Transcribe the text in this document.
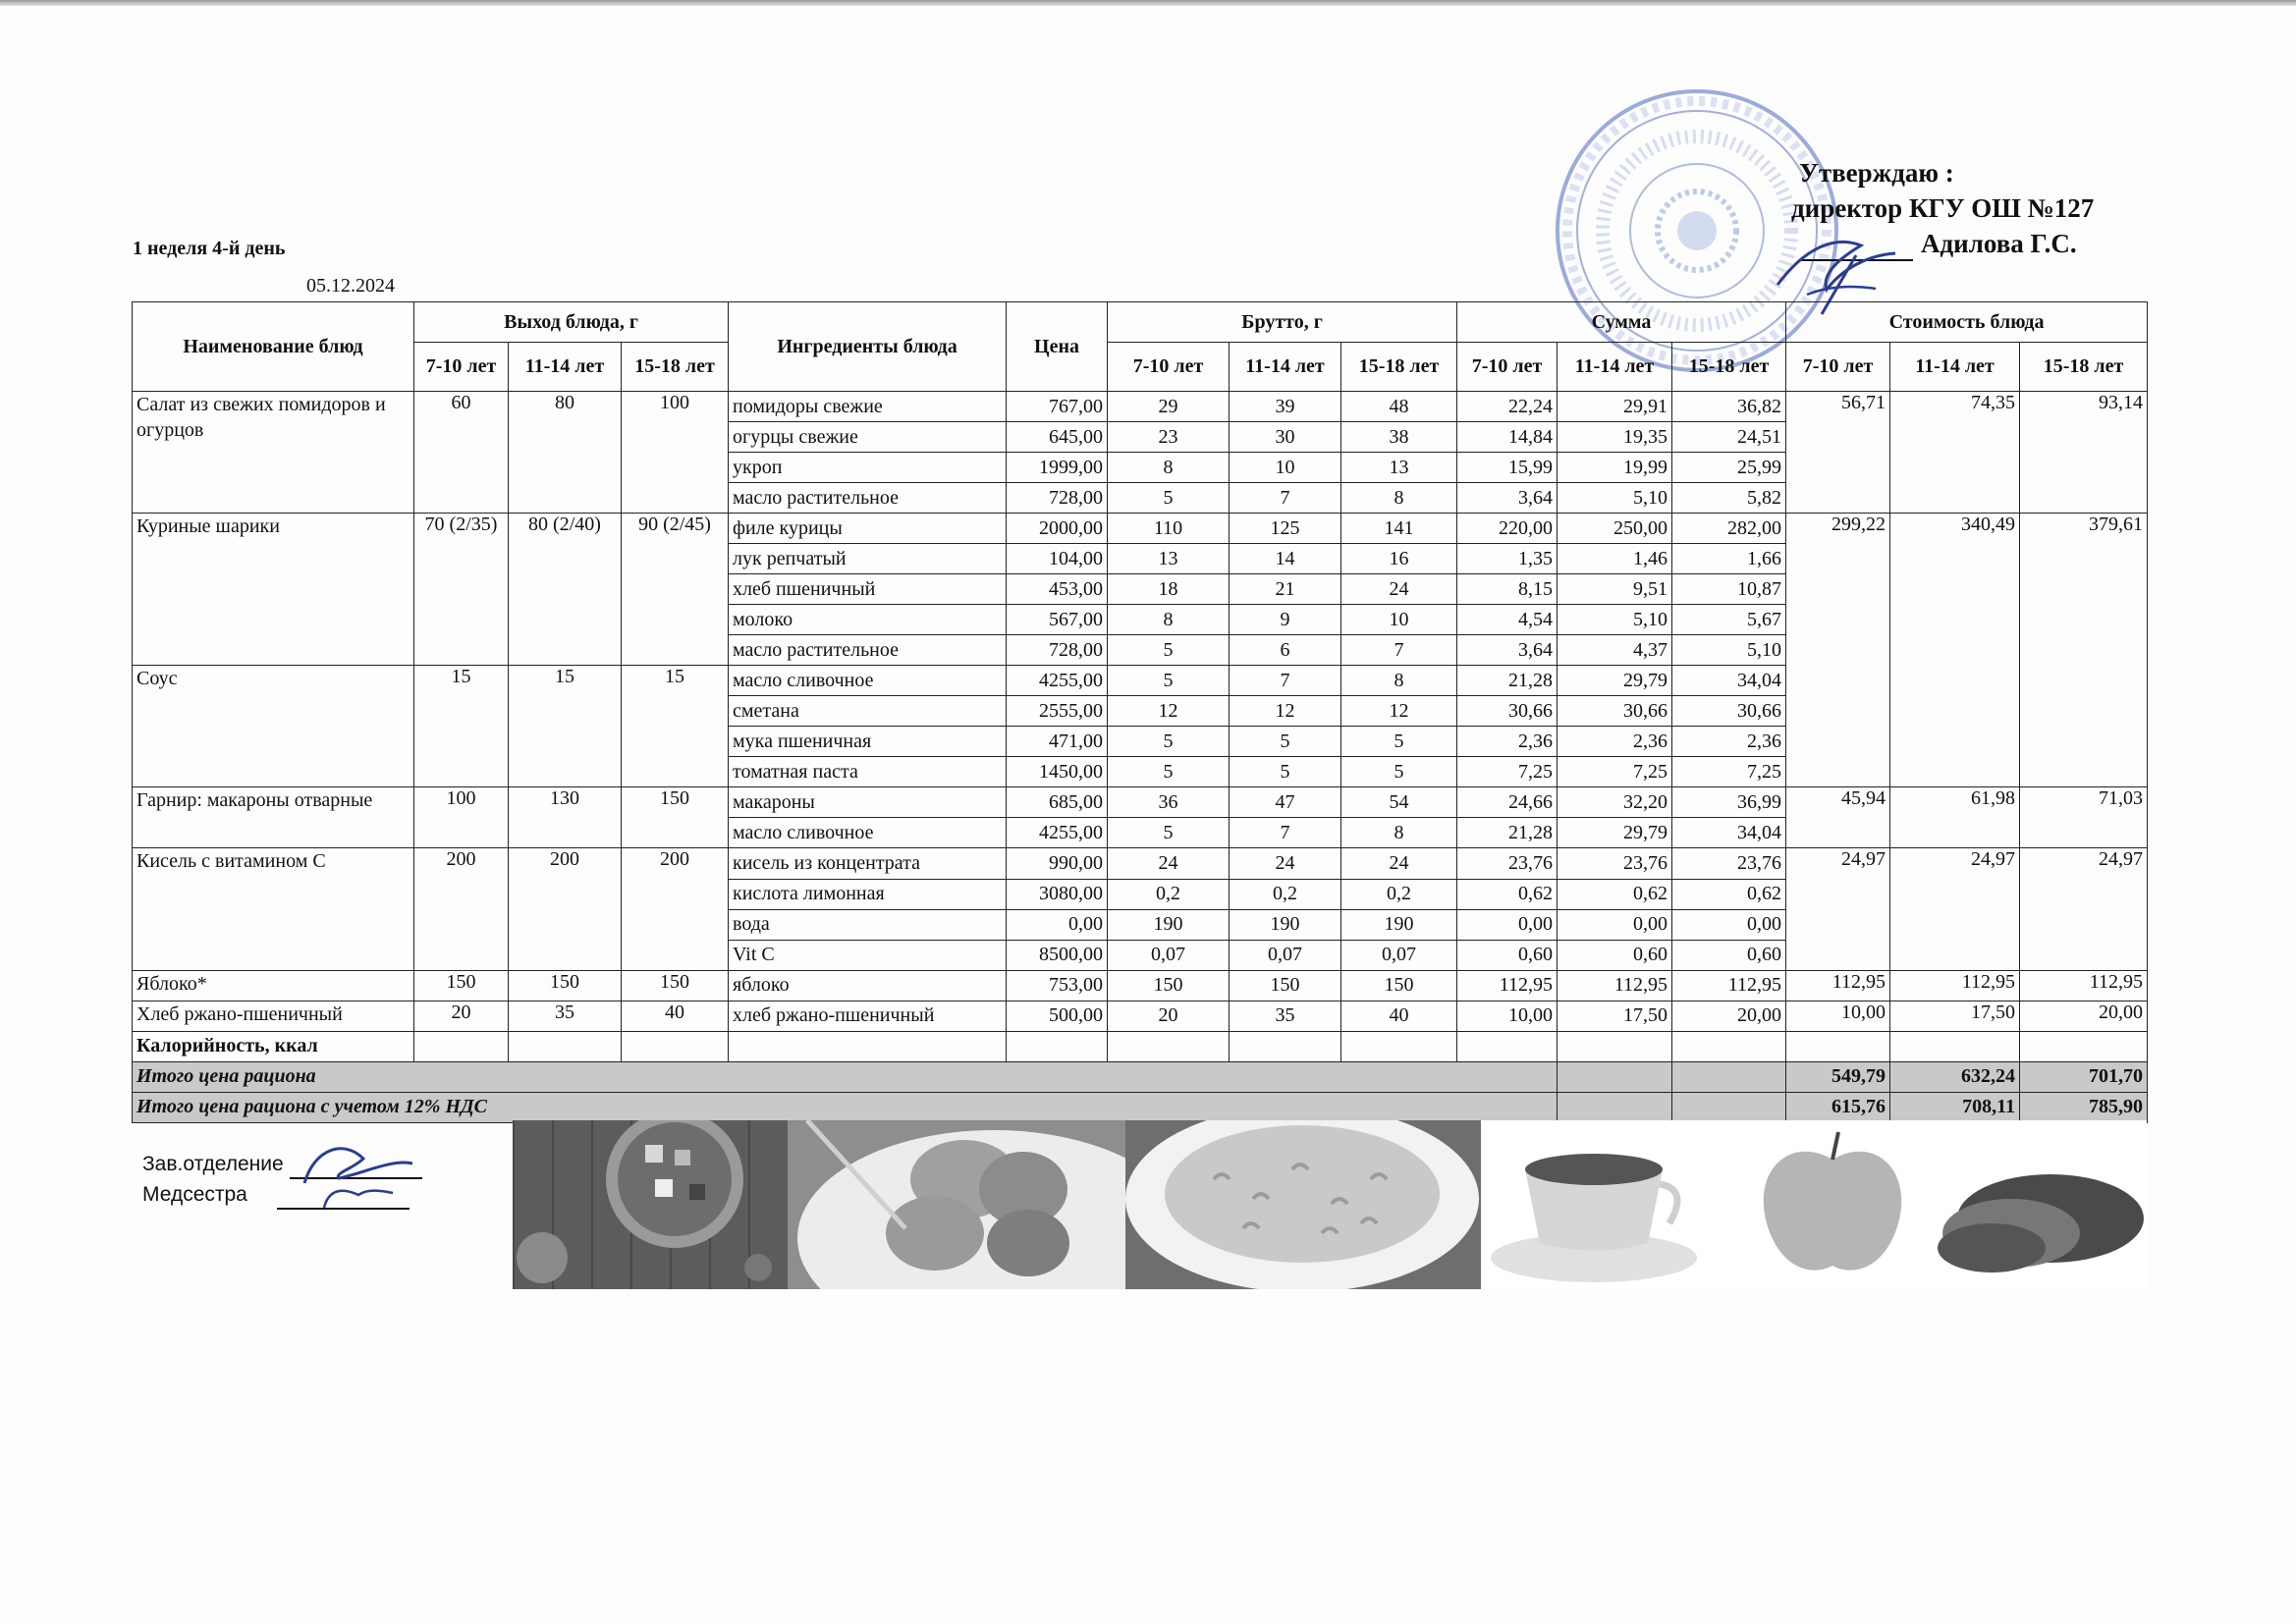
Утверждаю :
директор КГУ ОШ №127
Адилова Г.С.
1 неделя 4-й день
05.12.2024
Наименование блюд	Выход блюда, г			Ингредиенты блюда	Цена	Брутто, г			Сумма			Стоимость блюда		
	7-10 лет	11-14 лет	15-18 лет			7-10 лет	11-14 лет	15-18 лет	7-10 лет	11-14 лет	15-18 лет	7-10 лет	11-14 лет	15-18 лет
Салат из свежих помидоров и огурцов	60	80	100	помидоры свежие	767,00	29	39	48	22,24	29,91	36,82	56,71	74,35	93,14
				огурцы свежие	645,00	23	30	38	14,84	19,35	24,51			
				укроп	1999,00	8	10	13	15,99	19,99	25,99			
				масло растительное	728,00	5	7	8	3,64	5,10	5,82			
Куриные шарики	70 (2/35)	80 (2/40)	90 (2/45)	филе курицы	2000,00	110	125	141	220,00	250,00	282,00	299,22	340,49	379,61
				лук репчатый	104,00	13	14	16	1,35	1,46	1,66			
				хлеб пшеничный	453,00	18	21	24	8,15	9,51	10,87			
				молоко	567,00	8	9	10	4,54	5,10	5,67			
				масло растительное	728,00	5	6	7	3,64	4,37	5,10			
Соус	15	15	15	масло сливочное	4255,00	5	7	8	21,28	29,79	34,04			
				сметана	2555,00	12	12	12	30,66	30,66	30,66			
				мука пшеничная	471,00	5	5	5	2,36	2,36	2,36			
				томатная паста	1450,00	5	5	5	7,25	7,25	7,25			
Гарнир: макароны отварные	100	130	150	макароны	685,00	36	47	54	24,66	32,20	36,99	45,94	61,98	71,03
				масло сливочное	4255,00	5	7	8	21,28	29,79	34,04			
Кисель с витамином С	200	200	200	кисель из концентрата	990,00	24	24	24	23,76	23,76	23,76	24,97	24,97	24,97
				кислота лимонная	3080,00	0,2	0,2	0,2	0,62	0,62	0,62			
				вода	0,00	190	190	190	0,00	0,00	0,00			
				Vit C	8500,00	0,07	0,07	0,07	0,60	0,60	0,60			
Яблоко*	150	150	150	яблоко	753,00	150	150	150	112,95	112,95	112,95	112,95	112,95	112,95
Хлеб ржано-пшеничный	20	35	40	хлеб ржано-пшеничный	500,00	20	35	40	10,00	17,50	20,00	10,00	17,50	20,00
Калорийность, ккал														
Итого цена рациона												549,79	632,24	701,70
Итого цена рациона с учетом 12% НДС												615,76	708,11	785,90
Зав.отделение
Медсестра
